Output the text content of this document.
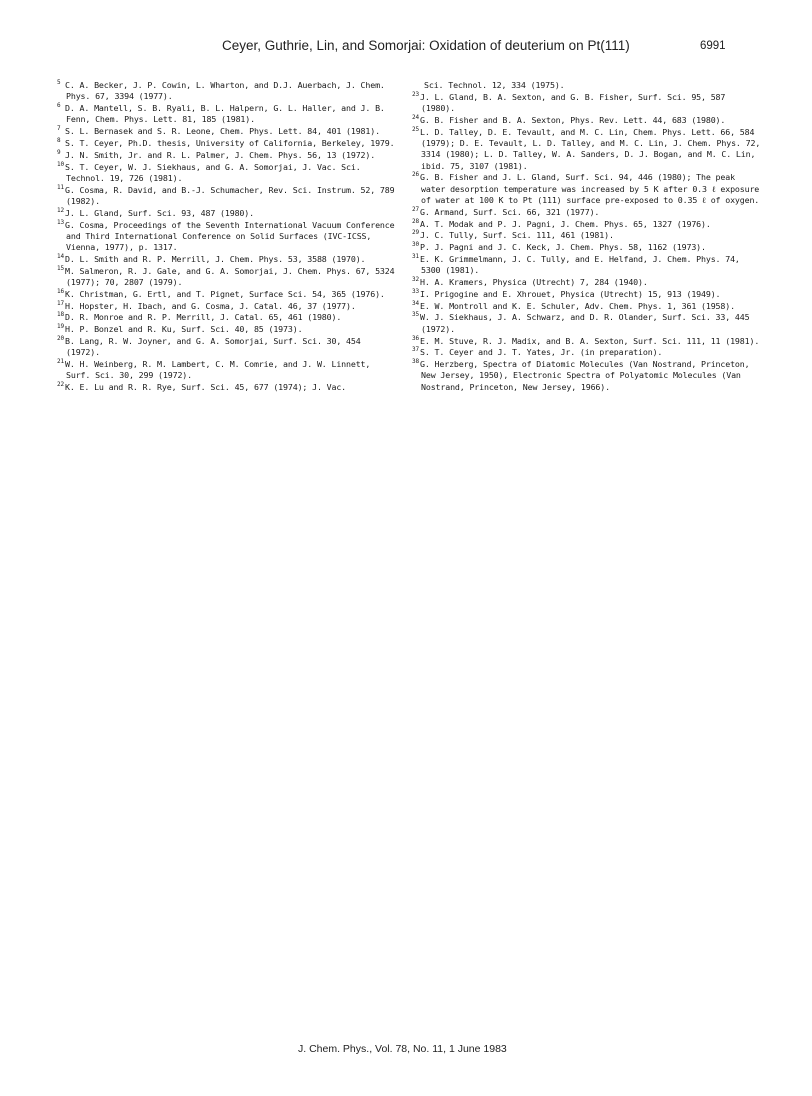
Ceyer, Guthrie, Lin, and Somorjai: Oxidation of deuterium on Pt(111)	6991
5 C. A. Becker, J. P. Cowin, L. Wharton, and D.J. Auerbach, J. Chem. Phys. 67, 3394 (1977).
6 D. A. Mantell, S. B. Ryali, B. L. Halpern, G. L. Haller, and J. B. Fenn, Chem. Phys. Lett. 81, 185 (1981).
7 S. L. Bernasek and S. R. Leone, Chem. Phys. Lett. 84, 401 (1981).
8 S. T. Ceyer, Ph.D. thesis, University of California, Berkeley, 1979.
9 J. N. Smith, Jr. and R. L. Palmer, J. Chem. Phys. 56, 13 (1972).
10 S. T. Ceyer, W. J. Siekhaus, and G. A. Somorjai, J. Vac. Sci. Technol. 19, 726 (1981).
11 G. Cosma, R. David, and B.-J. Schumacher, Rev. Sci. Instrum. 52, 789 (1982).
12 J. L. Gland, Surf. Sci. 93, 487 (1980).
13 G. Cosma, Proceedings of the Seventh International Vacuum Conference and Third International Conference on Solid Surfaces (IVC-ICSS, Vienna, 1977), p. 1317.
14 D. L. Smith and R. P. Merrill, J. Chem. Phys. 53, 3588 (1970).
15 M. Salmeron, R. J. Gale, and G. A. Somorjai, J. Chem. Phys. 67, 5324 (1977); 70, 2807 (1979).
16 K. Christman, G. Ertl, and T. Pignet, Surface Sci. 54, 365 (1976).
17 H. Hopster, H. Ibach, and G. Cosma, J. Catal. 46, 37 (1977).
18 D. R. Monroe and R. P. Merrill, J. Catal. 65, 461 (1980).
19 H. P. Bonzel and R. Ku, Surf. Sci. 40, 85 (1973).
20 B. Lang, R. W. Joyner, and G. A. Somorjai, Surf. Sci. 30, 454 (1972).
21 W. H. Weinberg, R. M. Lambert, C. M. Comrie, and J. W. Linnett, Surf. Sci. 30, 299 (1972).
22 K. E. Lu and R. R. Rye, Surf. Sci. 45, 677 (1974); J. Vac.
Sci. Technol. 12, 334 (1975).
23 J. L. Gland, B. A. Sexton, and G. B. Fisher, Surf. Sci. 95, 587 (1980).
24 G. B. Fisher and B. A. Sexton, Phys. Rev. Lett. 44, 683 (1980).
25 L. D. Talley, D. E. Tevault, and M. C. Lin, Chem. Phys. Lett. 66, 584 (1979); D. E. Tevault, L. D. Talley, and M. C. Lin, J. Chem. Phys. 72, 3314 (1980); L. D. Talley, W. A. Sanders, D. J. Bogan, and M. C. Lin, ibid. 75, 3107 (1981).
26 G. B. Fisher and J. L. Gland, Surf. Sci. 94, 446 (1980); The peak water desorption temperature was increased by 5 K after 0.3 ℓ exposure of water at 100 K to Pt (111) surface pre-exposed to 0.35 ℓ of oxygen.
27 G. Armand, Surf. Sci. 66, 321 (1977).
28 A. T. Modak and P. J. Pagni, J. Chem. Phys. 65, 1327 (1976).
29 J. C. Tully, Surf. Sci. 111, 461 (1981).
30 P. J. Pagni and J. C. Keck, J. Chem. Phys. 58, 1162 (1973).
31 E. K. Grimmelmann, J. C. Tully, and E. Helfand, J. Chem. Phys. 74, 5300 (1981).
32 H. A. Kramers, Physica (Utrecht) 7, 284 (1940).
33 I. Prigogine and E. Xhrouet, Physica (Utrecht) 15, 913 (1949).
34 E. W. Montroll and K. E. Schuler, Adv. Chem. Phys. 1, 361 (1958).
35 W. J. Siekhaus, J. A. Schwarz, and D. R. Olander, Surf. Sci. 33, 445 (1972).
36 E. M. Stuve, R. J. Madix, and B. A. Sexton, Surf. Sci. 111, 11 (1981).
37 S. T. Ceyer and J. T. Yates, Jr. (in preparation).
38 G. Herzberg, Spectra of Diatomic Molecules (Van Nostrand, Princeton, New Jersey, 1950), Electronic Spectra of Polyatomic Molecules (Van Nostrand, Princeton, New Jersey, 1966).
J. Chem. Phys., Vol. 78, No. 11, 1 June 1983
